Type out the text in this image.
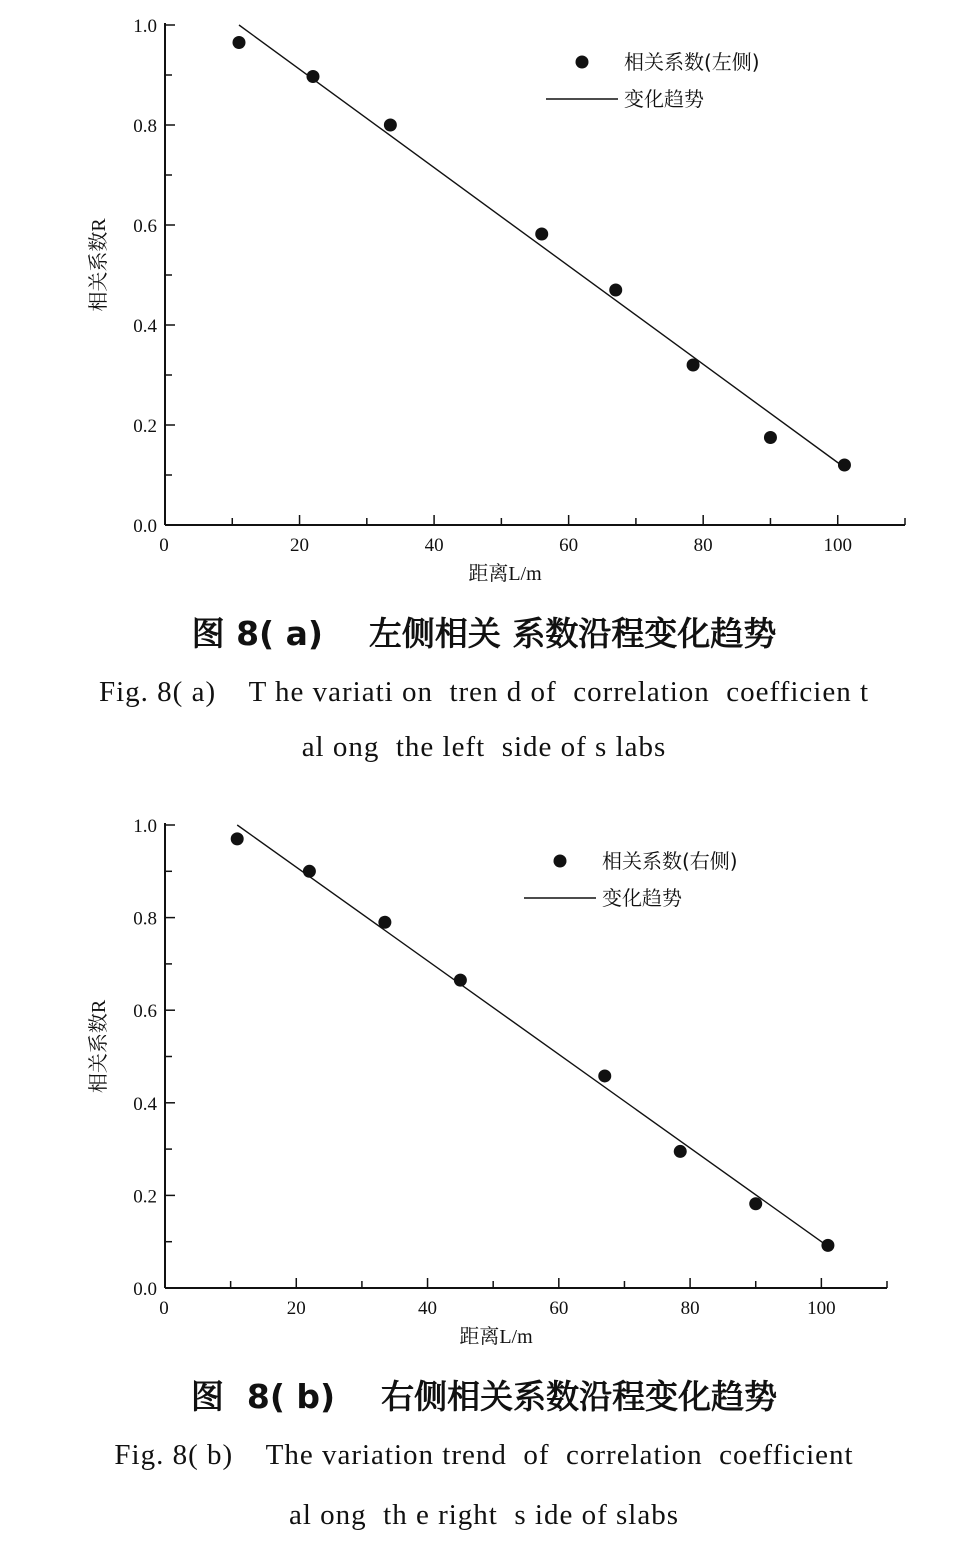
0	20	40	60	80	100
0.0
0.2
0.4
0.6
0.8
1.0
距离L/m
相关系数R
相关系数(左侧)
变化趋势
图 8( a)    左侧相关 系数沿程变化趋势
Fig. 8( a)    T he variati on  tren d of  correlation  coefficien t
al ong  the left  side of s labs
0	20	40	60	80	100
0.0
0.2
0.4
0.6
0.8
1.0
距离L/m
相关系数R
相关系数(右侧)
变化趋势
图  8( b)    右侧相关系数沿程变化趋势
Fig. 8( b)    The variation trend  of  correlation  coefficient
al ong  th e right  s ide of slabs
